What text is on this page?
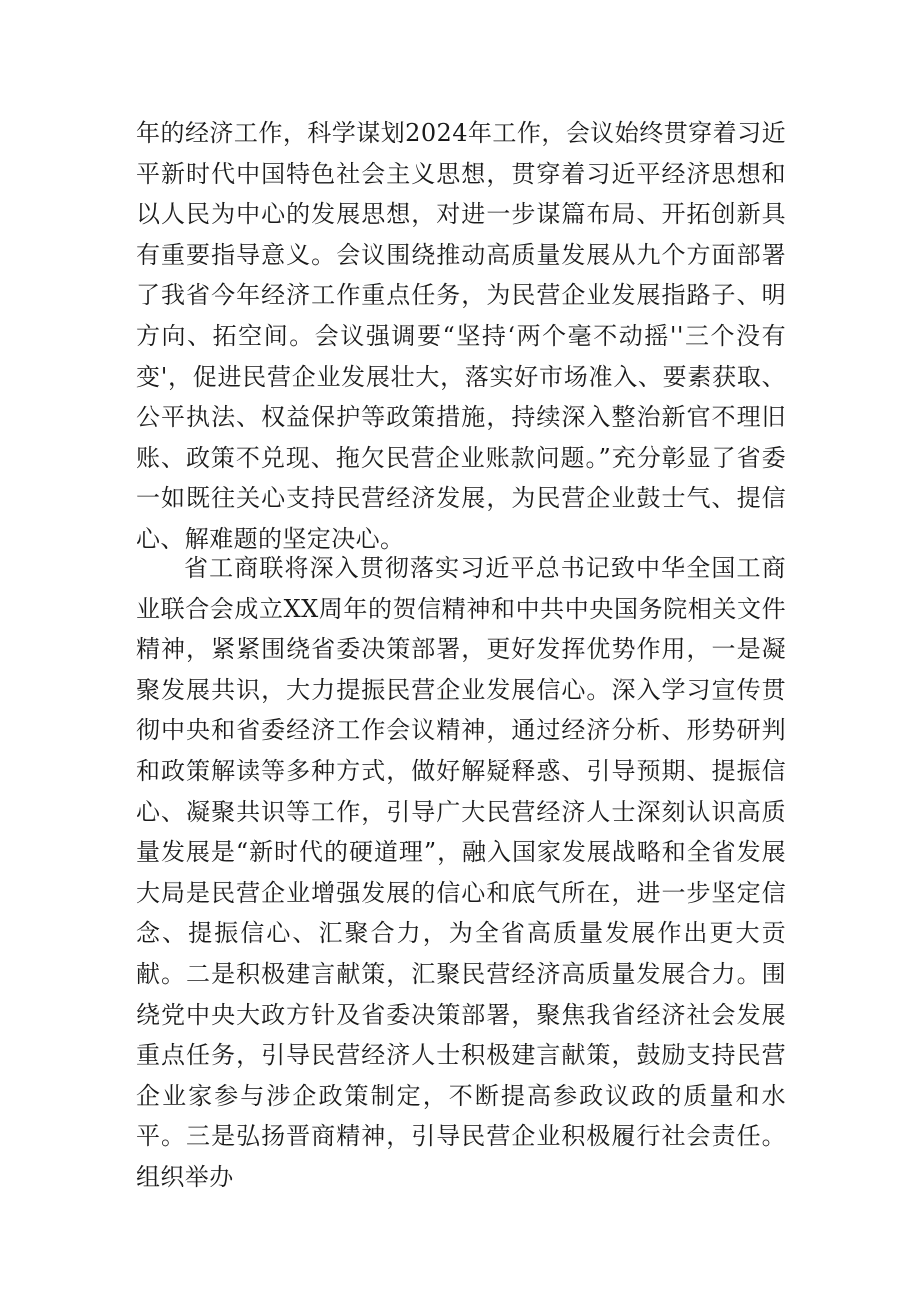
年的经济工作，科学谋划2024年工作，会议始终贯穿着习近平新时代中国特色社会主义思想，贯穿着习近平经济思想和以人民为中心的发展思想，对进一步谋篇布局、开拓创新具有重要指导意义。会议围绕推动高质量发展从九个方面部署了我省今年经济工作重点任务，为民营企业发展指路子、明方向、拓空间。会议强调要“坚持‘两个毫不动摇''三个没有变'，促进民营企业发展壮大，落实好市场准入、要素获取、公平执法、权益保护等政策措施，持续深入整治新官不理旧账、政策不兑现、拖欠民营企业账款问题。”充分彰显了省委一如既往关心支持民营经济发展，为民营企业鼓士气、提信心、解难题的坚定决心。

省工商联将深入贯彻落实习近平总书记致中华全国工商业联合会成立XX周年的贺信精神和中共中央国务院相关文件精神，紧紧围绕省委决策部署，更好发挥优势作用，一是凝聚发展共识，大力提振民营企业发展信心。深入学习宣传贯彻中央和省委经济工作会议精神，通过经济分析、形势研判和政策解读等多种方式，做好解疑释惑、引导预期、提振信心、凝聚共识等工作，引导广大民营经济人士深刻认识高质量发展是“新时代的硬道理”，融入国家发展战略和全省发展大局是民营企业增强发展的信心和底气所在，进一步坚定信念、提振信心、汇聚合力，为全省高质量发展作出更大贡献。二是积极建言献策，汇聚民营经济高质量发展合力。围绕党中央大政方针及省委决策部署，聚焦我省经济社会发展重点任务，引导民营经济人士积极建言献策，鼓励支持民营企业家参与涉企政策制定，不断提高参政议政的质量和水平。三是弘扬晋商精神，引导民营企业积极履行社会责任。组织举办
